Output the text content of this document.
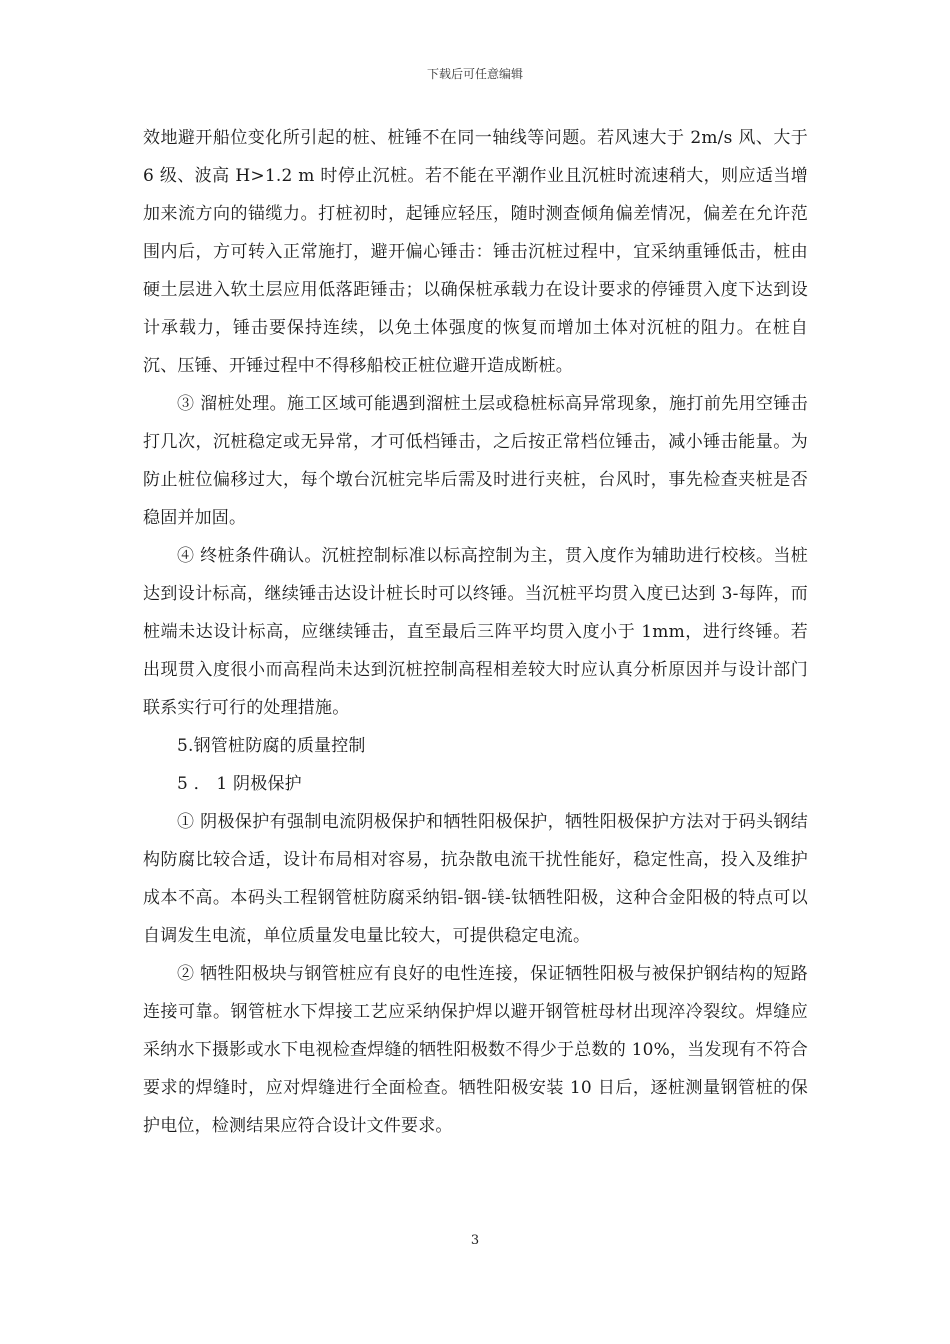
下载后可任意编辑

效地避开船位变化所引起的桩、桩锤不在同一轴线等问题。若风速大于 2m/s 风、大于 6 级、波高 H>1.2 m 时停止沉桩。若不能在平潮作业且沉桩时流速稍大，则应适当增加来流方向的锚缆力。打桩初时，起锤应轻压，随时测查倾角偏差情况，偏差在允许范围内后，方可转入正常施打，避开偏心锤击：锤击沉桩过程中，宜采纳重锤低击，桩由硬土层进入软土层应用低落距锤击；以确保桩承载力在设计要求的停锤贯入度下达到设计承载力，锤击要保持连续，以免土体强度的恢复而增加土体对沉桩的阻力。在桩自沉、压锤、开锤过程中不得移船校正桩位避开造成断桩。

③ 溜桩处理。施工区域可能遇到溜桩土层或稳桩标高异常现象，施打前先用空锤击打几次，沉桩稳定或无异常，才可低档锤击，之后按正常档位锤击，减小锤击能量。为防止桩位偏移过大，每个墩台沉桩完毕后需及时进行夹桩，台风时，事先检查夹桩是否稳固并加固。

④ 终桩条件确认。沉桩控制标准以标高控制为主，贯入度作为辅助进行校核。当桩达到设计标高，继续锤击达设计桩长时可以终锤。当沉桩平均贯入度已达到 3-每阵，而桩端未达设计标高，应继续锤击，直至最后三阵平均贯入度小于 1mm，进行终锤。若出现贯入度很小而高程尚未达到沉桩控制高程相差较大时应认真分析原因并与设计部门联系实行可行的处理措施。

5.钢管桩防腐的质量控制

5 ． 1 阴极保护

① 阴极保护有强制电流阴极保护和牺牲阳极保护，牺牲阳极保护方法对于码头钢结构防腐比较合适，设计布局相对容易，抗杂散电流干扰性能好，稳定性高，投入及维护成本不高。本码头工程钢管桩防腐采纳铝-铟-镁-钛牺牲阳极，这种合金阳极的特点可以自调发生电流，单位质量发电量比较大，可提供稳定电流。

② 牺牲阳极块与钢管桩应有良好的电性连接，保证牺牲阳极与被保护钢结构的短路连接可靠。钢管桩水下焊接工艺应采纳保护焊以避开钢管桩母材出现淬冷裂纹。焊缝应采纳水下摄影或水下电视检查焊缝的牺牲阳极数不得少于总数的 10%，当发现有不符合要求的焊缝时，应对焊缝进行全面检查。牺牲阳极安装 10 日后，逐桩测量钢管桩的保护电位，检测结果应符合设计文件要求。

3
